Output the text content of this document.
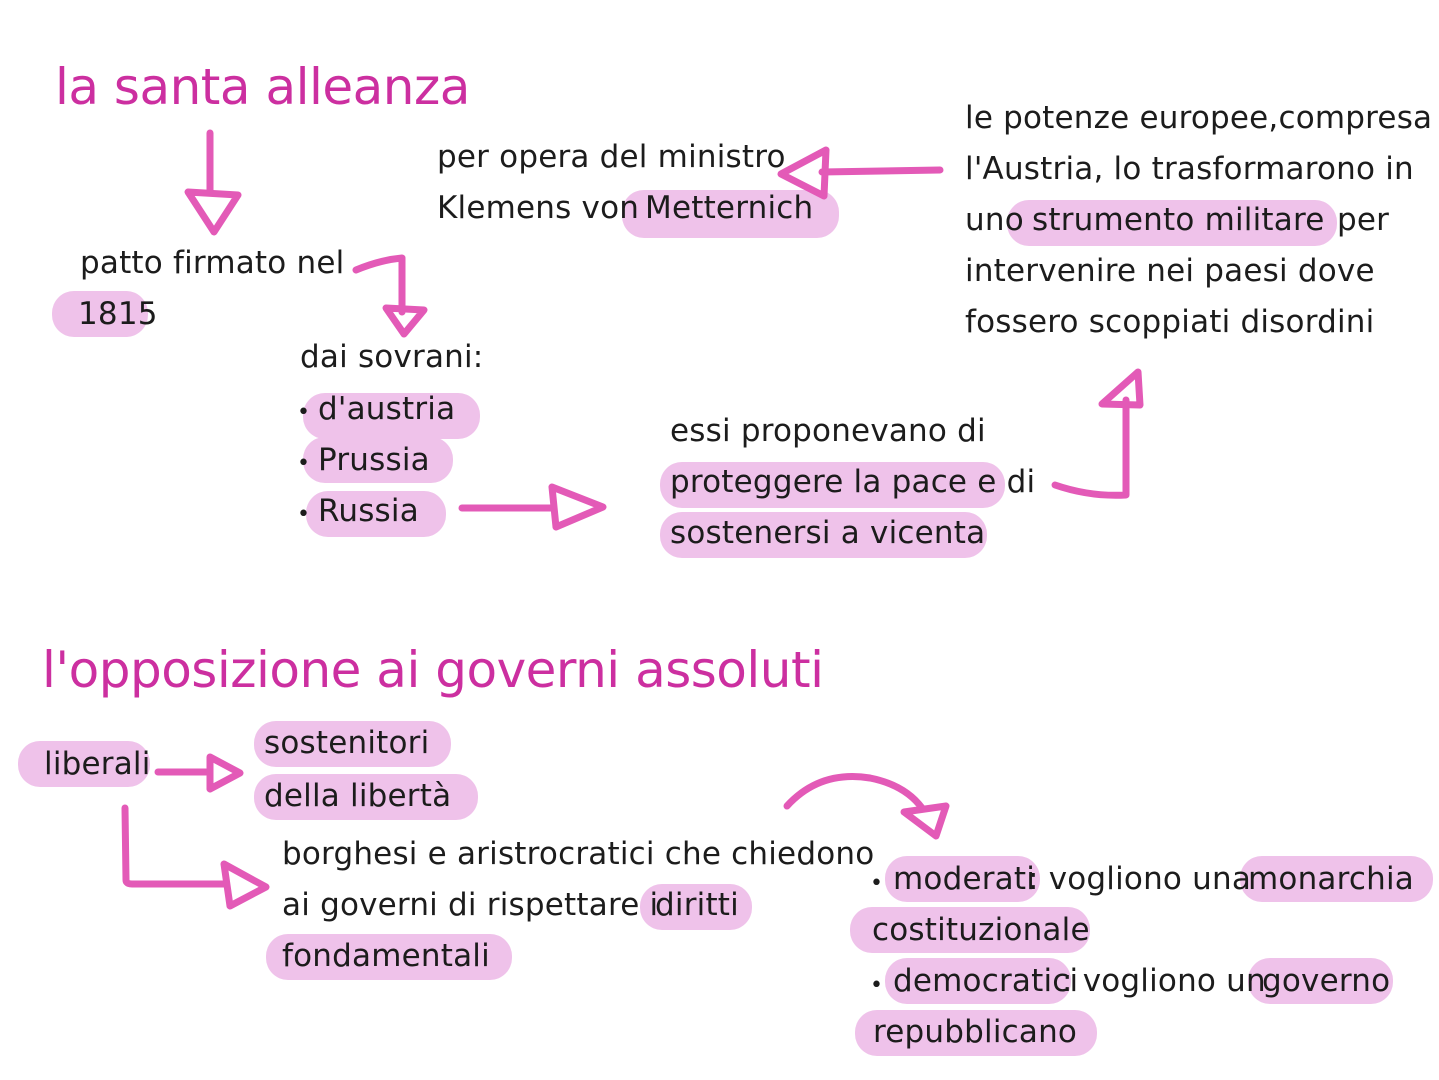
la santa alleanza
patto firmato nel
1815
dai sovrani:
• d'austria
• Prussia
• Russia
per opera del ministro
Klemens von Metternich
le potenze europee,compresa
l'Austria, lo trasformarono in
uno strumento militare per
intervenire nei paesi dove
fossero scoppiati disordini
essi proponevano di
proteggere la pace e di
sostenersi a vicenta
l'opposizione ai governi assoluti
liberali
sostenitori
della libertà
borghesi e aristrocratici che chiedono
ai governi di rispettare i
diritti
fondamentali
• moderati
: vogliono una
monarchia
costituzionale
• democratici
: vogliono un
governo
repubblicano
